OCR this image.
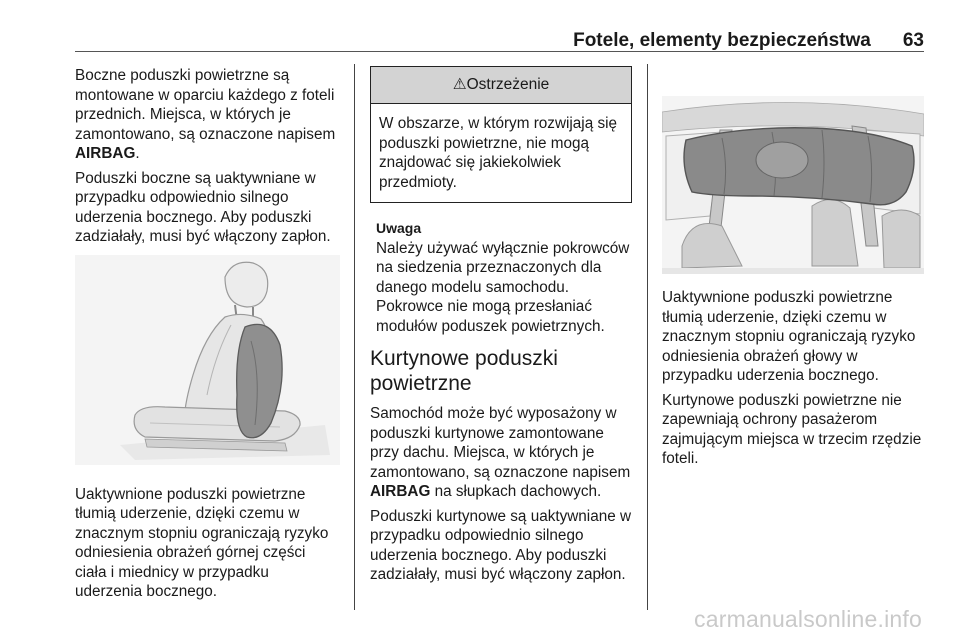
Fotele, elementy bezpieczeństwa 63

Boczne poduszki powietrzne są montowane w oparciu każdego z foteli przednich. Miejsca, w których je zamontowano, są oznaczone napisem AIRBAG.

Poduszki boczne są uaktywniane w przypadku odpowiednio silnego uderzenia bocznego. Aby poduszki zadziałały, musi być włączony zapłon.

Uaktywnione poduszki powietrzne tłumią uderzenie, dzięki czemu w znacznym stopniu ograniczają ryzyko odniesienia obrażeń górnej części ciała i miednicy w przypadku uderzenia bocznego.

⚠Ostrzeżenie
W obszarze, w którym rozwijają się poduszki powietrzne, nie mogą znajdować się jakiekolwiek przedmioty.
Uwaga
Należy używać wyłącznie pokrowców na siedzenia przeznaczonych dla danego modelu samochodu. Pokrowce nie mogą przesłaniać modułów poduszek powietrznych.
Kurtynowe poduszki powietrzne

Samochód może być wyposażony w poduszki kurtynowe zamontowane przy dachu. Miejsca, w których je zamontowano, są oznaczone napisem AIRBAG na słupkach dachowych.

Poduszki kurtynowe są uaktywniane w przypadku odpowiednio silnego uderzenia bocznego. Aby poduszki zadziałały, musi być włączony zapłon.

Uaktywnione poduszki powietrzne tłumią uderzenie, dzięki czemu w znacznym stopniu ograniczają ryzyko odniesienia obrażeń głowy w przypadku uderzenia bocznego.

Kurtynowe poduszki powietrzne nie zapewniają ochrony pasażerom zajmującym miejsca w trzecim rzędzie foteli.

carmanualsonline.info
